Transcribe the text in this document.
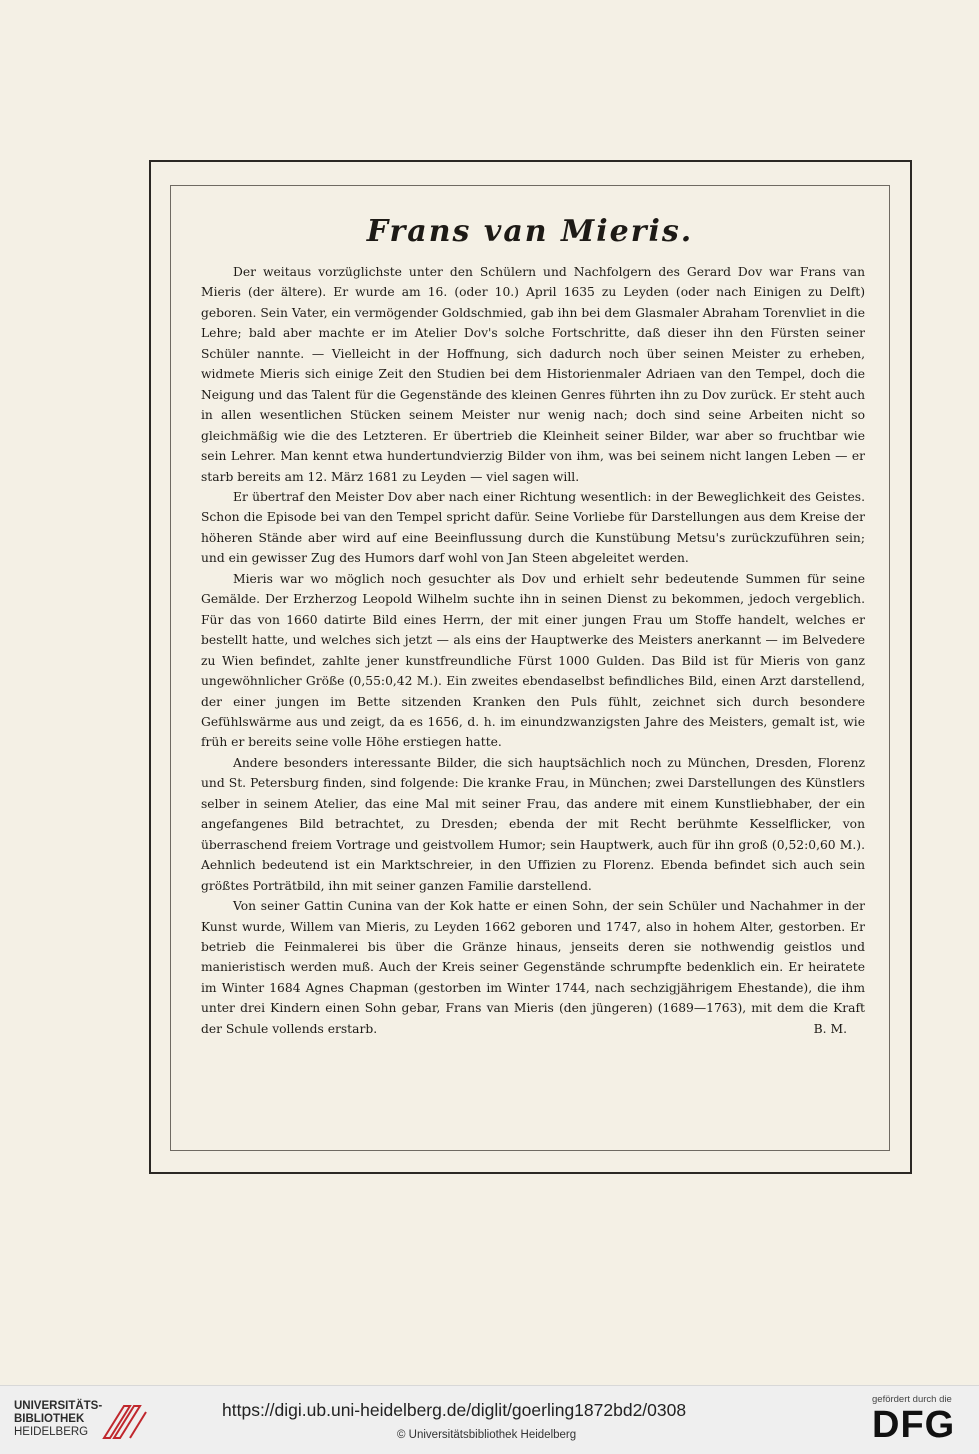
Frans van Mieris.

Der weitaus vorzüglichste unter den Schülern und Nachfolgern des Gerard Dov war Frans van Mieris (der ältere). Er wurde am 16. (oder 10.) April 1635 zu Leyden (oder nach Einigen zu Delft) geboren. Sein Vater, ein vermögender Goldschmied, gab ihn bei dem Glasmaler Abraham Torenvliet in die Lehre; bald aber machte er im Atelier Dov's solche Fortschritte, daß dieser ihn den Fürsten seiner Schüler nannte. — Vielleicht in der Hoffnung, sich dadurch noch über seinen Meister zu erheben, widmete Mieris sich einige Zeit den Studien bei dem Historienmaler Adriaen van den Tempel, doch die Neigung und das Talent für die Gegenstände des kleinen Genres führten ihn zu Dov zurück. Er steht auch in allen wesentlichen Stücken seinem Meister nur wenig nach; doch sind seine Arbeiten nicht so gleichmäßig wie die des Letzteren. Er übertrieb die Kleinheit seiner Bilder, war aber so fruchtbar wie sein Lehrer. Man kennt etwa hundertundvierzig Bilder von ihm, was bei seinem nicht langen Leben — er starb bereits am 12. März 1681 zu Leyden — viel sagen will.

Er übertraf den Meister Dov aber nach einer Richtung wesentlich: in der Beweglichkeit des Geistes. Schon die Episode bei van den Tempel spricht dafür. Seine Vorliebe für Darstellungen aus dem Kreise der höheren Stände aber wird auf eine Beeinflussung durch die Kunstübung Metsu's zurückzuführen sein; und ein gewisser Zug des Humors darf wohl von Jan Steen abgeleitet werden.

Mieris war wo möglich noch gesuchter als Dov und erhielt sehr bedeutende Summen für seine Gemälde. Der Erzherzog Leopold Wilhelm suchte ihn in seinen Dienst zu bekommen, jedoch vergeblich. Für das von 1660 datirte Bild eines Herrn, der mit einer jungen Frau um Stoffe handelt, welches er bestellt hatte, und welches sich jetzt — als eins der Hauptwerke des Meisters anerkannt — im Belvedere zu Wien befindet, zahlte jener kunstfreundliche Fürst 1000 Gulden. Das Bild ist für Mieris von ganz ungewöhnlicher Größe (0,55:0,42 M.). Ein zweites ebendaselbst befindliches Bild, einen Arzt darstellend, der einer jungen im Bette sitzenden Kranken den Puls fühlt, zeichnet sich durch besondere Gefühlswärme aus und zeigt, da es 1656, d. h. im einundzwanzigsten Jahre des Meisters, gemalt ist, wie früh er bereits seine volle Höhe erstiegen hatte.

Andere besonders interessante Bilder, die sich hauptsächlich noch zu München, Dresden, Florenz und St. Petersburg finden, sind folgende: Die kranke Frau, in München; zwei Darstellungen des Künstlers selber in seinem Atelier, das eine Mal mit seiner Frau, das andere mit einem Kunstliebhaber, der ein angefangenes Bild betrachtet, zu Dresden; ebenda der mit Recht berühmte Kesselflicker, von überraschend freiem Vortrage und geistvollem Humor; sein Hauptwerk, auch für ihn groß (0,52:0,60 M.). Aehnlich bedeutend ist ein Marktschreier, in den Uffizien zu Florenz. Ebenda befindet sich auch sein größtes Porträtbild, ihn mit seiner ganzen Familie darstellend.

Von seiner Gattin Cunina van der Kok hatte er einen Sohn, der sein Schüler und Nachahmer in der Kunst wurde, Willem van Mieris, zu Leyden 1662 geboren und 1747, also in hohem Alter, gestorben. Er betrieb die Feinmalerei bis über die Gränze hinaus, jenseits deren sie nothwendig geistlos und manieristisch werden muß. Auch der Kreis seiner Gegenstände schrumpfte bedenklich ein. Er heiratete im Winter 1684 Agnes Chapman (gestorben im Winter 1744, nach sechzigjährigem Ehestande), die ihm unter drei Kindern einen Sohn gebar, Frans van Mieris (den jüngeren) (1689—1763), mit dem die Kraft der Schule vollends erstarb.	B. M.

UNIVERSITÄTS-
BIBLIOTHEK
HEIDELBERG
https://digi.ub.uni-heidelberg.de/diglit/goerling1872bd2/0308
© Universitätsbibliothek Heidelberg
gefördert durch die
DFG
